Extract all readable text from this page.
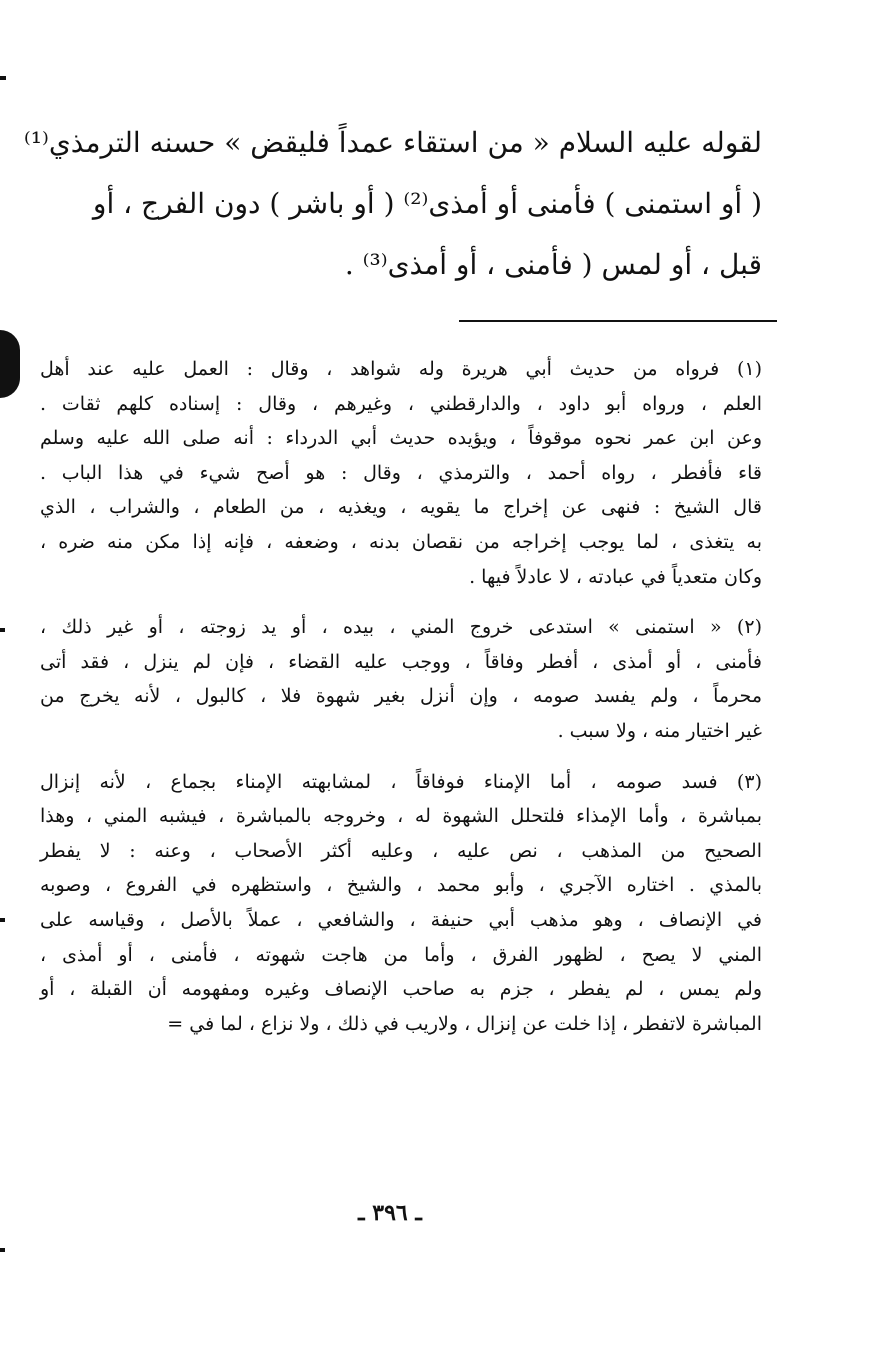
لقوله عليه السلام « من استقاء عمداً فليقض » حسنه الترمذي⁽¹⁾
( أو استمنى ) فأمنى أو أمذى⁽²⁾ ( أو باشر ) دون الفرج ، أو
قبل ، أو لمس ( فأمنى ، أو أمذى⁽³⁾ .
(١) فرواه من حديث أبي هريرة وله شواهد ، وقال : العمل عليه عند أهل
العلم ، ورواه أبو داود ، والدارقطني ، وغيرهم ، وقال : إسناده كلهم ثقات .
وعن ابن عمر نحوه موقوفاً ، ويؤيده حديث أبي الدرداء : أنه صلى الله عليه وسلم
قاء فأفطر ، رواه أحمد ، والترمذي ، وقال : هو أصح شيء في هذا الباب .
قال الشيخ : فنهى عن إخراج ما يقويه ، ويغذيه ، من الطعام ، والشراب ، الذي
به يتغذى ، لما يوجب إخراجه من نقصان بدنه ، وضعفه ، فإنه إذا مكن منه ضره ،
وكان متعدياً في عبادته ، لا عادلاً فيها .
(٢) « استمنى » استدعى خروج المني ، بيده ، أو يد زوجته ، أو غير ذلك ،
فأمنى ، أو أمذى ، أفطر وفاقاً ، ووجب عليه القضاء ، فإن لم ينزل ، فقد أتى
محرماً ، ولم يفسد صومه ، وإن أنزل بغير شهوة فلا ، كالبول ، لأنه يخرج من
غير اختيار منه ، ولا سبب .
(٣) فسد صومه ، أما الإمناء فوفاقاً ، لمشابهته الإمناء بجماع ، لأنه إنزال
بمباشرة ، وأما الإمذاء فلتحلل الشهوة له ، وخروجه بالمباشرة ، فيشبه المني ، وهذا
الصحيح من المذهب ، نص عليه ، وعليه أكثر الأصحاب ، وعنه : لا يفطر
بالمذي . اختاره الآجري ، وأبو محمد ، والشيخ ، واستظهره في الفروع ، وصوبه
في الإنصاف ، وهو مذهب أبي حنيفة ، والشافعي ، عملاً بالأصل ، وقياسه على
المني لا يصح ، لظهور الفرق ، وأما من هاجت شهوته ، فأمنى ، أو أمذى ،
ولم يمس ، لم يفطر ، جزم به صاحب الإنصاف وغيره ومفهومه أن القبلة ، أو
المباشرة لاتفطر ، إذا خلت عن إنزال ، ولاريب في ذلك ، ولا نزاع ، لما في =
ـ ٣٩٦ ـ
